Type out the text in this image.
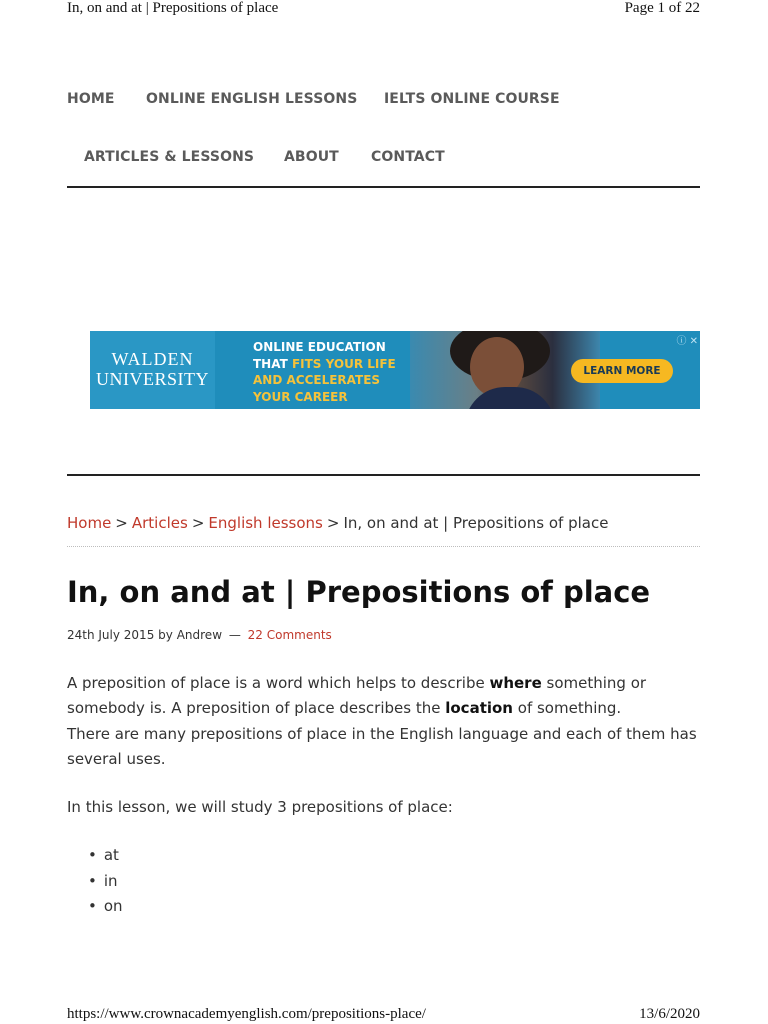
In, on and at | Prepositions of place	Page 1 of 22
HOME ONLINE ENGLISH LESSONS IELTS ONLINE COURSE
ARTICLES & LESSONS ABOUT CONTACT
WALDEN
UNIVERSITY
ONLINE EDUCATION
THAT FITS YOUR LIFE
AND ACCELERATES
YOUR CAREER
LEARN MORE
ⓘ ✕
Home > Articles > English lessons > In, on and at | Prepositions of place
In, on and at | Prepositions of place
24th July 2015 by Andrew — 22 Comments

A preposition of place is a word which helps to describe where something or somebody is. A preposition of place describes the location of something.

There are many prepositions of place in the English language and each of them has several uses.

In this lesson, we will study 3 prepositions of place:

• at
• in
• on
https://www.crownacademyenglish.com/prepositions-place/	13/6/2020
